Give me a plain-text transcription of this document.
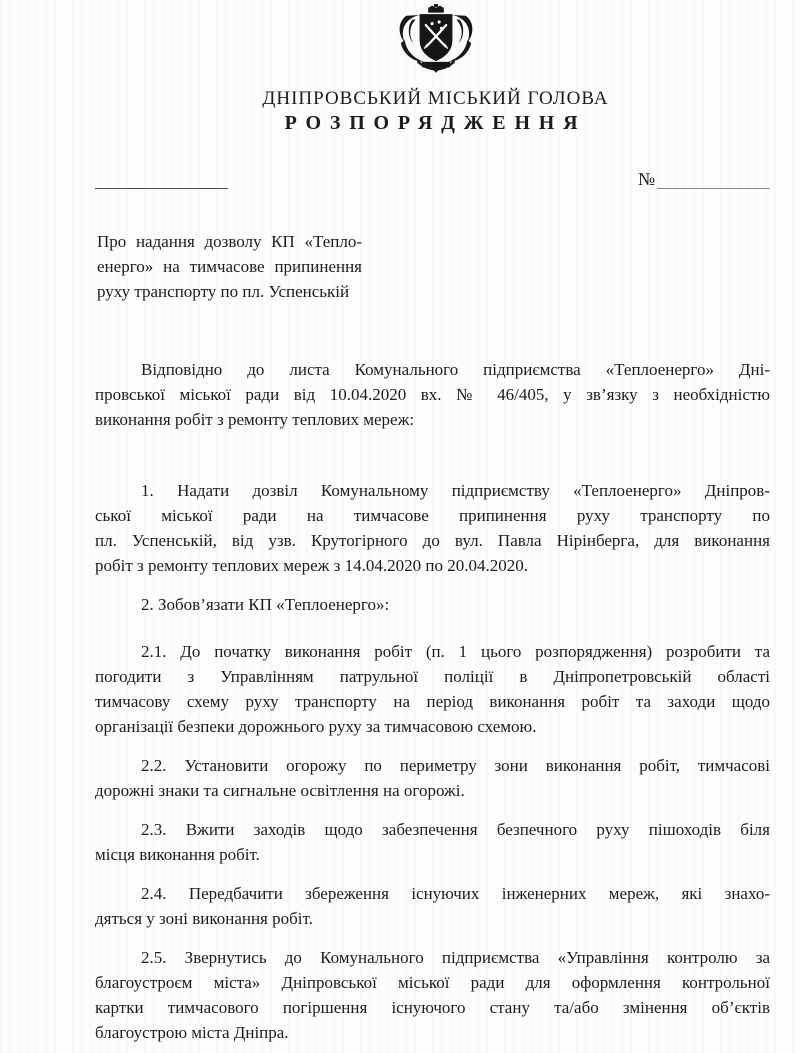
ДНІПРОВСЬКИЙ МІСЬКИЙ ГОЛОВА
РОЗПОРЯДЖЕННЯ
№
Про надання дозволу КП «Тепло-
енерго» на тимчасове припинення
руху транспорту по пл. Успенській
Відповідно до листа Комунального підприємства «Теплоенерго» Дні-
провської міської ради від 10.04.2020 вх. № 46/405, у зв’язку з необхідністю
виконання робіт з ремонту теплових мереж:
1. Надати дозвіл Комунальному підприємству «Теплоенерго» Дніпров-
ської міської ради на тимчасове припинення руху транспорту по
пл. Успенській, від узв. Крутогірного до вул. Павла Нірінберга, для виконання
робіт з ремонту теплових мереж з 14.04.2020 по 20.04.2020.
2. Зобов’язати КП «Теплоенерго»:
2.1. До початку виконання робіт (п. 1 цього розпорядження) розробити та
погодити з Управлінням патрульної поліції в Дніпропетровській області
тимчасову схему руху транспорту на період виконання робіт та заходи щодо
організації безпеки дорожнього руху за тимчасовою схемою.
2.2. Установити огорожу по периметру зони виконання робіт, тимчасові
дорожні знаки та сигнальне освітлення на огорожі.
2.3. Вжити заходів щодо забезпечення безпечного руху пішоходів біля
місця виконання робіт.
2.4. Передбачити збереження існуючих інженерних мереж, які знахо-
дяться у зоні виконання робіт.
2.5. Звернутись до Комунального підприємства «Управління контролю за
благоустроєм міста» Дніпровської міської ради для оформлення контрольної
картки тимчасового погіршення існуючого стану та/або змінення об’єктів
благоустрою міста Дніпра.
